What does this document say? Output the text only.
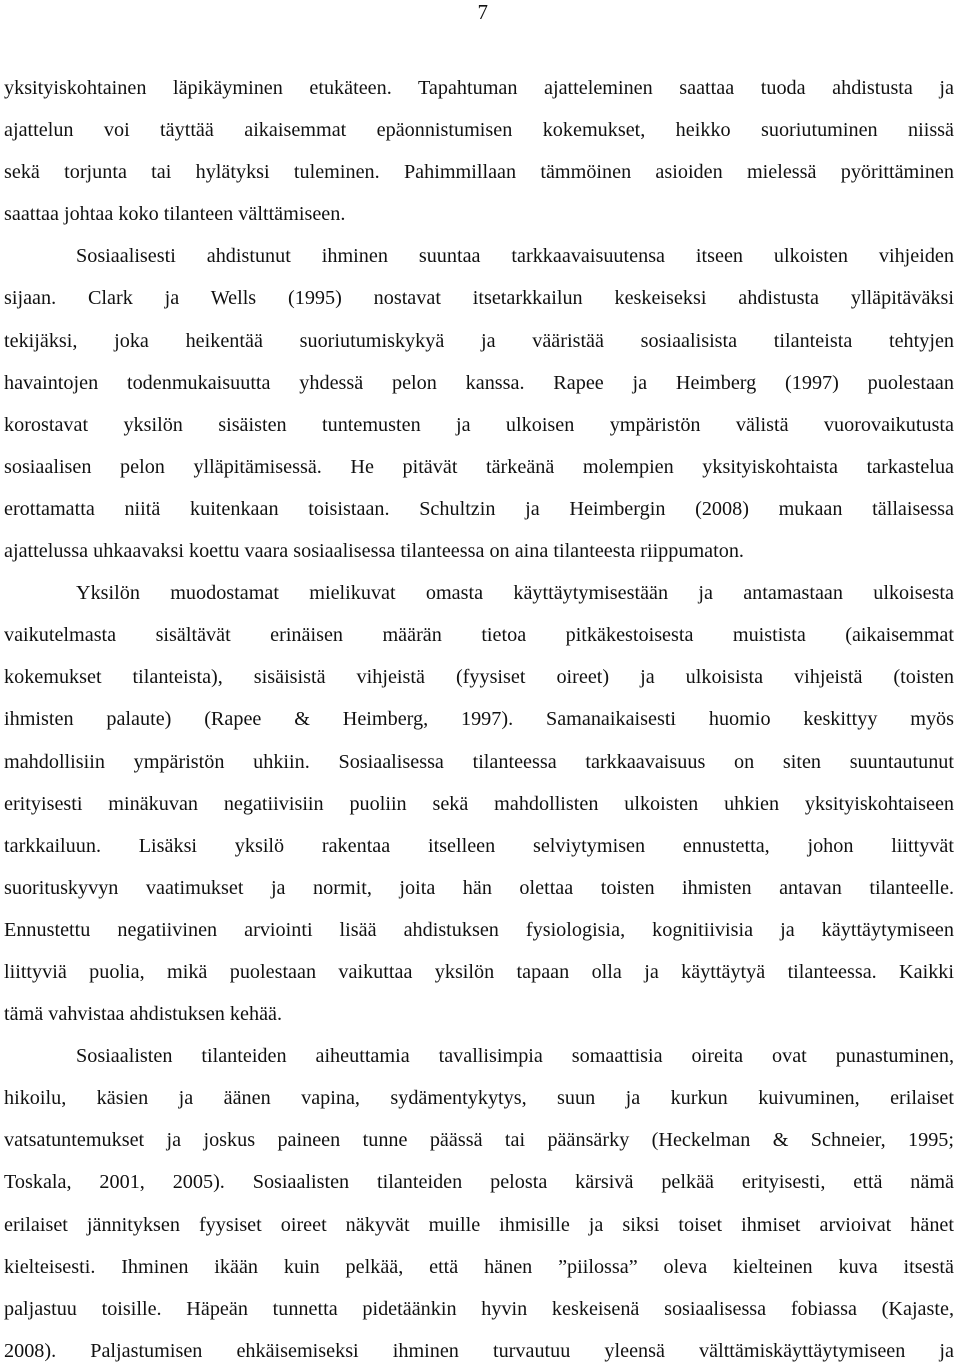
7
yksityiskohtainen läpikäyminen etukäteen. Tapahtuman ajatteleminen saattaa tuoda ahdistusta ja
ajattelun voi täyttää aikaisemmat epäonnistumisen kokemukset, heikko suoriutuminen niissä
sekä torjunta tai hylätyksi tuleminen. Pahimmillaan tämmöinen asioiden mielessä pyörittäminen
saattaa johtaa koko tilanteen välttämiseen.
Sosiaalisesti ahdistunut ihminen suuntaa tarkkaavaisuutensa itseen ulkoisten vihjeiden
sijaan. Clark ja Wells (1995) nostavat itsetarkkailun keskeiseksi ahdistusta ylläpitäväksi
tekijäksi, joka heikentää suoriutumiskykyä ja vääristää sosiaalisista tilanteista tehtyjen
havaintojen todenmukaisuutta yhdessä pelon kanssa. Rapee ja Heimberg (1997) puolestaan
korostavat yksilön sisäisten tuntemusten ja ulkoisen ympäristön välistä vuorovaikutusta
sosiaalisen pelon ylläpitämisessä. He pitävät tärkeänä molempien yksityiskohtaista tarkastelua
erottamatta niitä kuitenkaan toisistaan. Schultzin ja Heimbergin (2008) mukaan tällaisessa
ajattelussa uhkaavaksi koettu vaara sosiaalisessa tilanteessa on aina tilanteesta riippumaton.
Yksilön muodostamat mielikuvat omasta käyttäytymisestään ja antamastaan ulkoisesta
vaikutelmasta sisältävät erinäisen määrän tietoa pitkäkestoisesta muistista (aikaisemmat
kokemukset tilanteista), sisäisistä vihjeistä (fyysiset oireet) ja ulkoisista vihjeistä (toisten
ihmisten palaute) (Rapee & Heimberg, 1997). Samanaikaisesti huomio keskittyy myös
mahdollisiin ympäristön uhkiin. Sosiaalisessa tilanteessa tarkkaavaisuus on siten suuntautunut
erityisesti minäkuvan negatiivisiin puoliin sekä mahdollisten ulkoisten uhkien yksityiskohtaiseen
tarkkailuun. Lisäksi yksilö rakentaa itselleen selviytymisen ennustetta, johon liittyvät
suorituskyvyn vaatimukset ja normit, joita hän olettaa toisten ihmisten antavan tilanteelle.
Ennustettu negatiivinen arviointi lisää ahdistuksen fysiologisia, kognitiivisia ja käyttäytymiseen
liittyviä puolia, mikä puolestaan vaikuttaa yksilön tapaan olla ja käyttäytyä tilanteessa. Kaikki
tämä vahvistaa ahdistuksen kehää.
Sosiaalisten tilanteiden aiheuttamia tavallisimpia somaattisia oireita ovat punastuminen,
hikoilu, käsien ja äänen vapina, sydämentykytys, suun ja kurkun kuivuminen, erilaiset
vatsatuntemukset ja joskus paineen tunne päässä tai päänsärky (Heckelman & Schneier, 1995;
Toskala, 2001, 2005). Sosiaalisten tilanteiden pelosta kärsivä pelkää erityisesti, että nämä
erilaiset jännityksen fyysiset oireet näkyvät muille ihmisille ja siksi toiset ihmiset arvioivat hänet
kielteisesti. Ihminen ikään kuin pelkää, että hänen ”piilossa” oleva kielteinen kuva itsestä
paljastuu toisille. Häpeän tunnetta pidetäänkin hyvin keskeisenä sosiaalisessa fobiassa (Kajaste,
2008). Paljastumisen ehkäisemiseksi ihminen turvautuu yleensä välttämiskäyttäytymiseen ja
